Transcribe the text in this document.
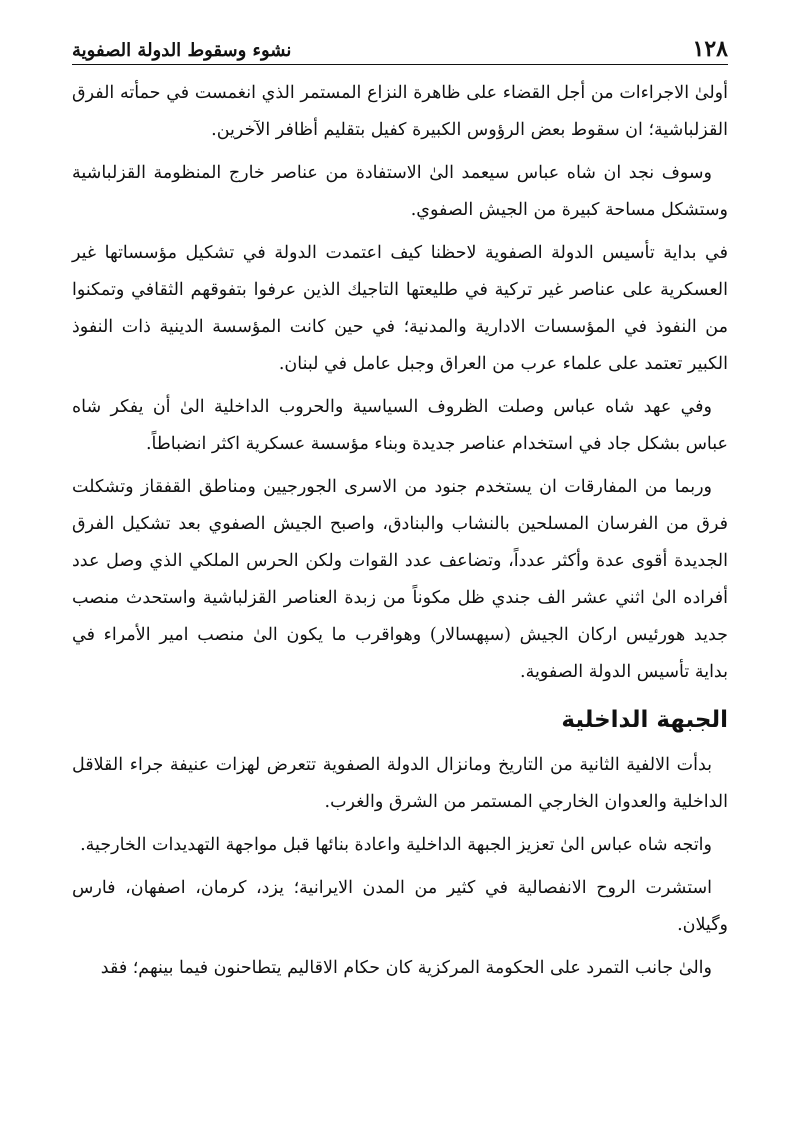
١٢٨
نشوء وسقوط الدولة الصفوية

أولىٰ الاجراءات من أجل القضاء على ظاهرة النزاع المستمر الذي انغمست في حمأته الفرق القزلباشية؛ ان سقوط بعض الرؤوس الكبيرة كفيل بتقليم أظافر الآخرين.

وسوف نجد ان شاه عباس سيعمد الىٰ الاستفادة من عناصر خارج المنظومة القزلباشية وستشكل مساحة كبيرة من الجيش الصفوي.

في بداية تأسيس الدولة الصفوية لاحظنا كيف اعتمدت الدولة في تشكيل مؤسساتها غير العسكرية على عناصر غير تركية في طليعتها التاجيك الذين عرفوا بتفوقهم الثقافي وتمكنوا من النفوذ في المؤسسات الادارية والمدنية؛ في حين كانت المؤسسة الدينية ذات النفوذ الكبير تعتمد على علماء عرب من العراق وجبل عامل في لبنان.

وفي عهد شاه عباس وصلت الظروف السياسية والحروب الداخلية الىٰ أن يفكر شاه عباس بشكل جاد في استخدام عناصر جديدة وبناء مؤسسة عسكرية اكثر انضباطاً.

وربما من المفارقات ان يستخدم جنود من الاسرى الجورجيين ومناطق القفقاز وتشكلت فرق من الفرسان المسلحين بالنشاب والبنادق، واصبح الجيش الصفوي بعد تشكيل الفرق الجديدة أقوى عدة وأكثر عدداً، وتضاعف عدد القوات ولكن الحرس الملكي الذي وصل عدد أفراده الىٰ اثني عشر الف جندي ظل مكوناً من زبدة العناصر القزلباشية واستحدث منصب جديد هورئيس اركان الجيش (سپهسالار) وهواقرب ما يكون الىٰ منصب امير الأمراء في بداية تأسيس الدولة الصفوية.

الجبهة الداخلية

بدأت الالفية الثانية من التاريخ ومانزال الدولة الصفوية تتعرض لهزات عنيفة جراء القلاقل الداخلية والعدوان الخارجي المستمر من الشرق والغرب.

واتجه شاه عباس الىٰ تعزيز الجبهة الداخلية واعادة بنائها قبل مواجهة التهديدات الخارجية.

استشرت الروح الانفصالية في كثير من المدن الايرانية؛ يزد، كرمان، اصفهان، فارس وگيلان.

والىٰ جانب التمرد على الحكومة المركزية كان حكام الاقاليم يتطاحنون فيما بينهم؛ فقد
